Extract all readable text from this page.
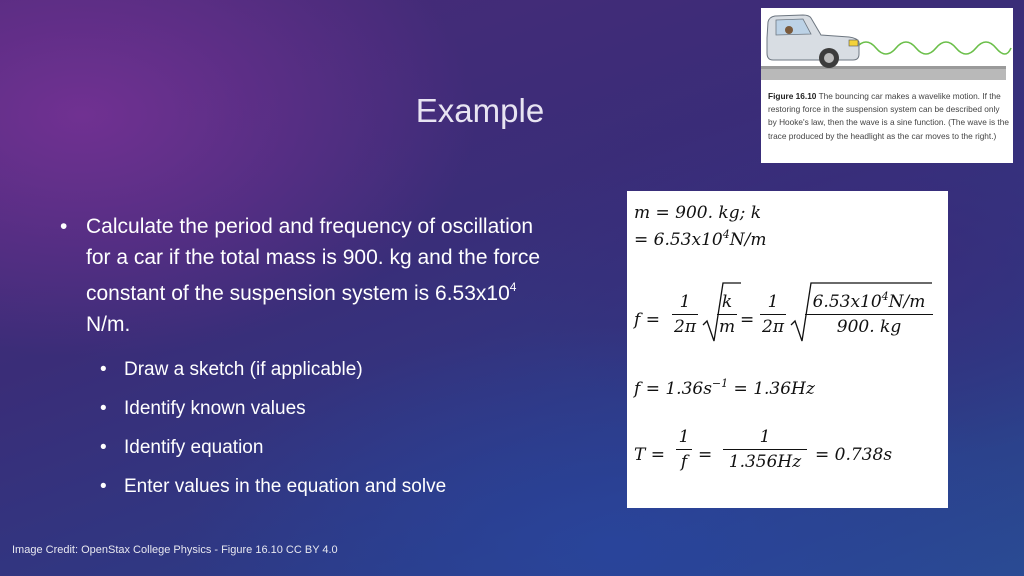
Example
• Calculate the period and frequency of oscillation for a car if the total mass is 900. kg and the force constant of the suspension system is $6.53x10^4$ N/m.
• Draw a sketch (if applicable)
• Identify known values
• Identify equation
• Enter values in the equation and solve
Figure 16.10 The bouncing car makes a wavelike motion. If the restoring force in the suspension system can be described only by Hooke's law, then the wave is a sine function. (The wave is the trace produced by the headlight as the car moves to the right.)
m = 900. kg; k
= $6.53x10^4N/m$
f =
1
2π
k
m =
1
2π
$6.53x10^4N/m$
900. kg
$f = 1.36s^{-1} = 1.36Hz$
T =
1
f =
1
1.356Hz = 0.738s
Image Credit: OpenStax College Physics - Figure 16.10 CC BY 4.0
